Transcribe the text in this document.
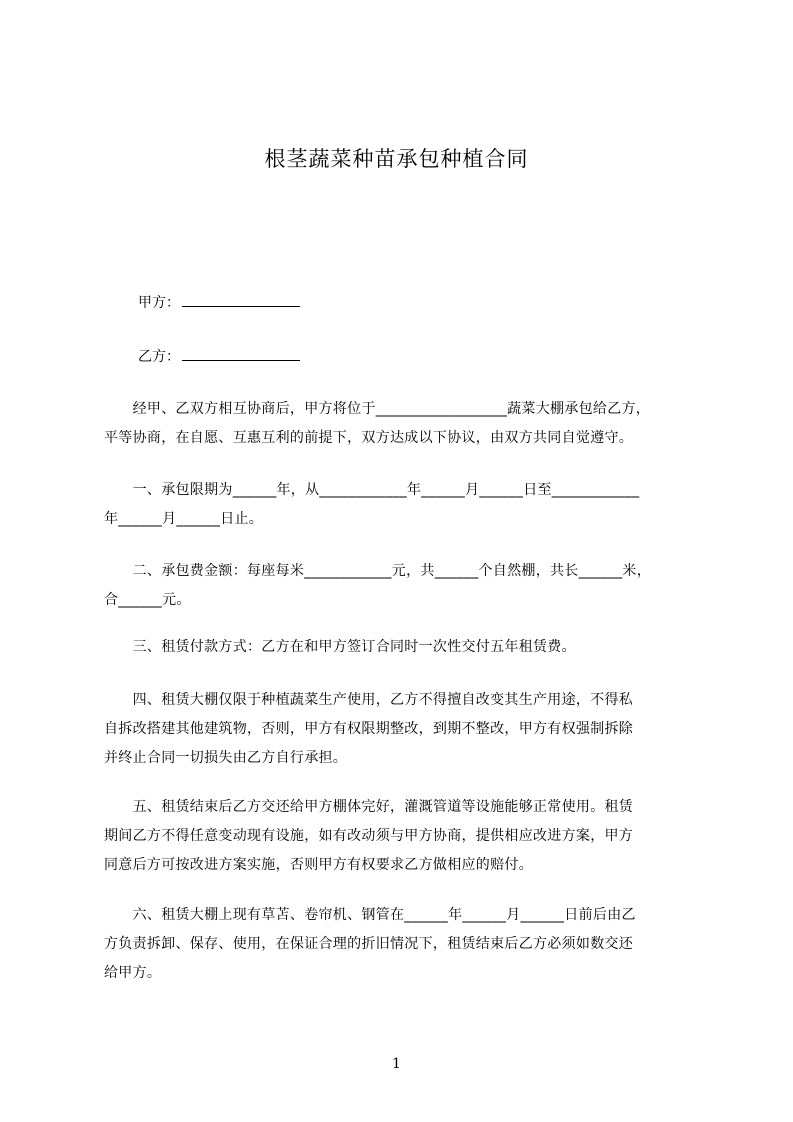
根茎蔬菜种苗承包种植合同
甲方：
乙方：
　　经甲、乙双方相互协商后，甲方将位于__________________蔬菜大棚承包给乙方，
平等协商，在自愿、互惠互利的前提下，双方达成以下协议，由双方共同自觉遵守。
　　一、承包限期为______年，从____________年______月______日至____________
年______月______日止。
　　二、承包费金额：每座每米____________元，共______个自然棚，共长______米，
合______元。
　　三、租赁付款方式：乙方在和甲方签订合同时一次性交付五年租赁费。
　　四、租赁大棚仅限于种植蔬菜生产使用，乙方不得擅自改变其生产用途，不得私
自拆改搭建其他建筑物，否则，甲方有权限期整改，到期不整改，甲方有权强制拆除
并终止合同一切损失由乙方自行承担。
　　五、租赁结束后乙方交还给甲方棚体完好，灌溉管道等设施能够正常使用。租赁
期间乙方不得任意变动现有设施，如有改动须与甲方协商，提供相应改进方案，甲方
同意后方可按改进方案实施，否则甲方有权要求乙方做相应的赔付。
　　六、租赁大棚上现有草苫、卷帘机、钢管在______年______月______日前后由乙
方负责拆卸、保存、使用，在保证合理的折旧情况下，租赁结束后乙方必须如数交还
给甲方。
1
